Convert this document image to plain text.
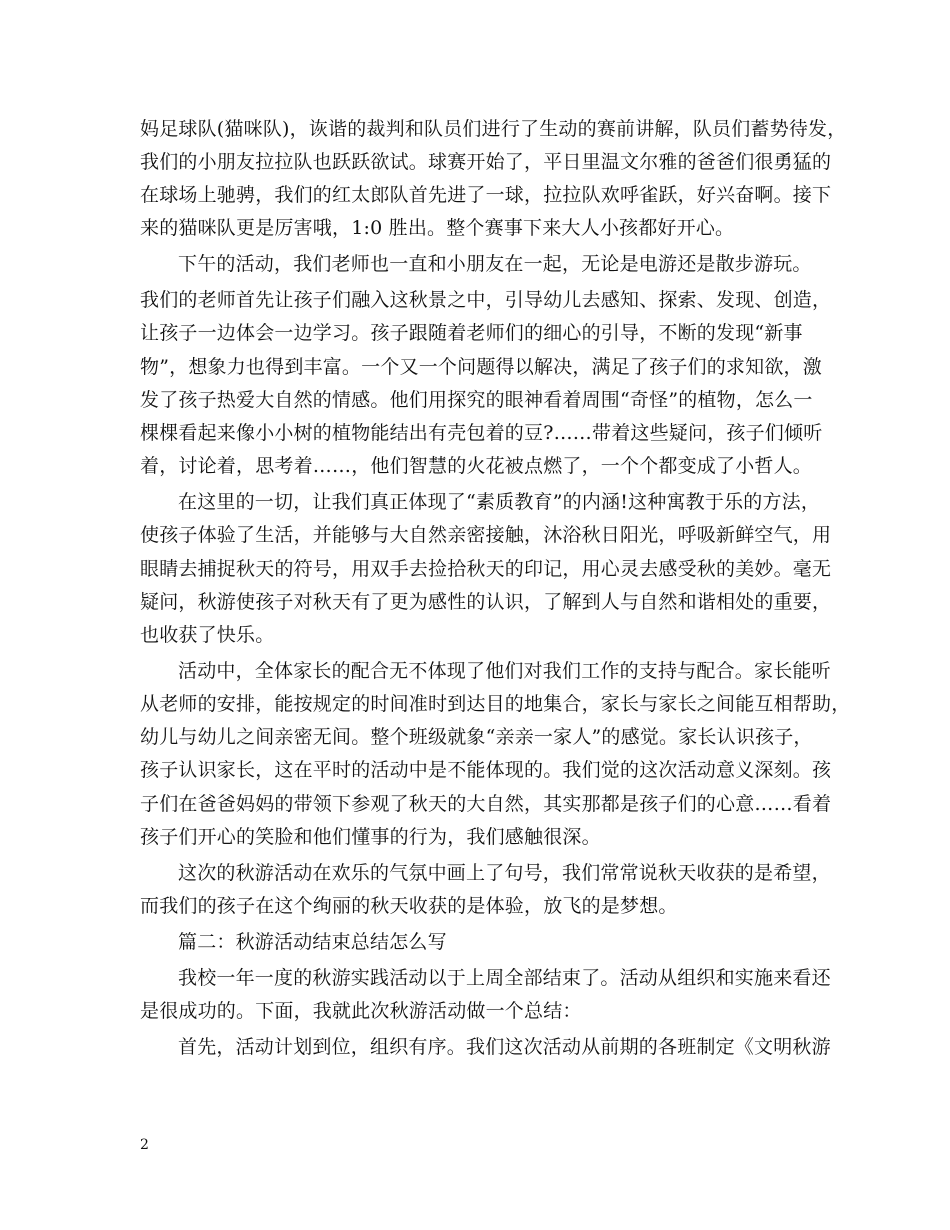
妈足球队(猫咪队)，诙谐的裁判和队员们进行了生动的赛前讲解，队员们蓄势待发，
我们的小朋友拉拉队也跃跃欲试。球赛开始了，平日里温文尔雅的爸爸们很勇猛的
在球场上驰骋，我们的红太郎队首先进了一球，拉拉队欢呼雀跃，好兴奋啊。接下
来的猫咪队更是厉害哦，1:0 胜出。整个赛事下来大人小孩都好开心。
下午的活动，我们老师也一直和小朋友在一起，无论是电游还是散步游玩。
我们的老师首先让孩子们融入这秋景之中，引导幼儿去感知、探索、发现、创造，
让孩子一边体会一边学习。孩子跟随着老师们的细心的引导，不断的发现“新事
物”，想象力也得到丰富。一个又一个问题得以解决，满足了孩子们的求知欲，激
发了孩子热爱大自然的情感。他们用探究的眼神看着周围“奇怪”的植物，怎么一
棵棵看起来像小小树的植物能结出有壳包着的豆?……带着这些疑问，孩子们倾听
着，讨论着，思考着……，他们智慧的火花被点燃了，一个个都变成了小哲人。
在这里的一切，让我们真正体现了“素质教育”的内涵!这种寓教于乐的方法，
使孩子体验了生活，并能够与大自然亲密接触，沐浴秋日阳光，呼吸新鲜空气，用
眼睛去捕捉秋天的符号，用双手去捡拾秋天的印记，用心灵去感受秋的美妙。毫无
疑问，秋游使孩子对秋天有了更为感性的认识，了解到人与自然和谐相处的重要，
也收获了快乐。
活动中，全体家长的配合无不体现了他们对我们工作的支持与配合。家长能听
从老师的安排，能按规定的时间准时到达目的地集合，家长与家长之间能互相帮助，
幼儿与幼儿之间亲密无间。整个班级就象“亲亲一家人”的感觉。家长认识孩子，
孩子认识家长，这在平时的活动中是不能体现的。我们觉的这次活动意义深刻。孩
子们在爸爸妈妈的带领下参观了秋天的大自然，其实那都是孩子们的心意……看着
孩子们开心的笑脸和他们懂事的行为，我们感触很深。
这次的秋游活动在欢乐的气氛中画上了句号，我们常常说秋天收获的是希望，
而我们的孩子在这个绚丽的秋天收获的是体验，放飞的是梦想。
篇二：秋游活动结束总结怎么写
我校一年一度的秋游实践活动以于上周全部结束了。活动从组织和实施来看还
是很成功的。下面，我就此次秋游活动做一个总结：
首先，活动计划到位，组织有序。我们这次活动从前期的各班制定《文明秋游
2
